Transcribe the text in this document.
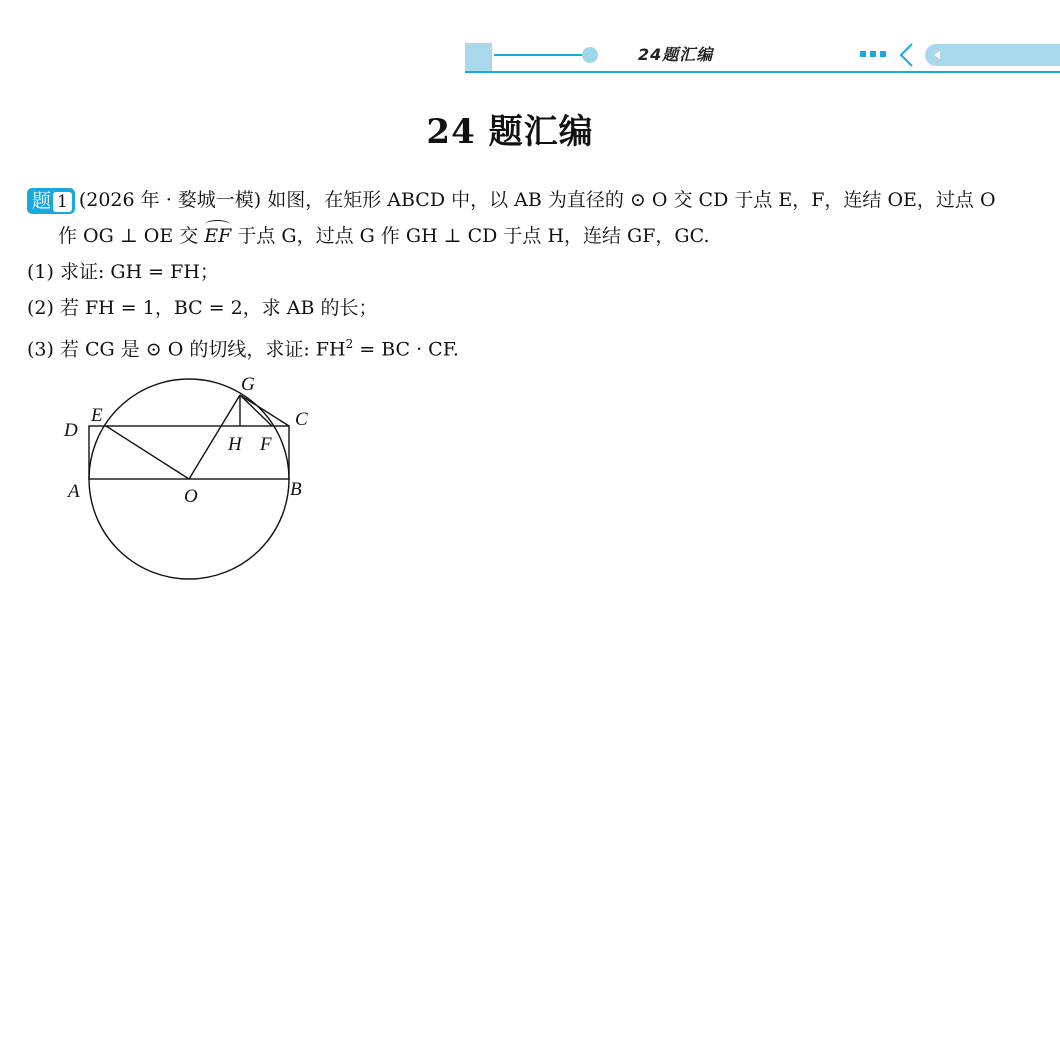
24题汇编
24 题汇编
题 1 (2026 年 · 婺城一模) 如图，在矩形 ABCD 中，以 AB 为直径的 ⊙ O 交 CD 于点 E，F，连结 OE，过点 O
作 OG ⊥ OE 交 EF 于点 G，过点 G 作 GH ⊥ CD 于点 H，连结 GF，GC.
(1) 求证: GH = FH；
(2) 若 FH = 1，BC = 2，求 AB 的长；
(3) 若 CG 是 ⊙ O 的切线，求证: $FH^2$ = BC · CF.
G
E
D
C
H F
A	O	B
